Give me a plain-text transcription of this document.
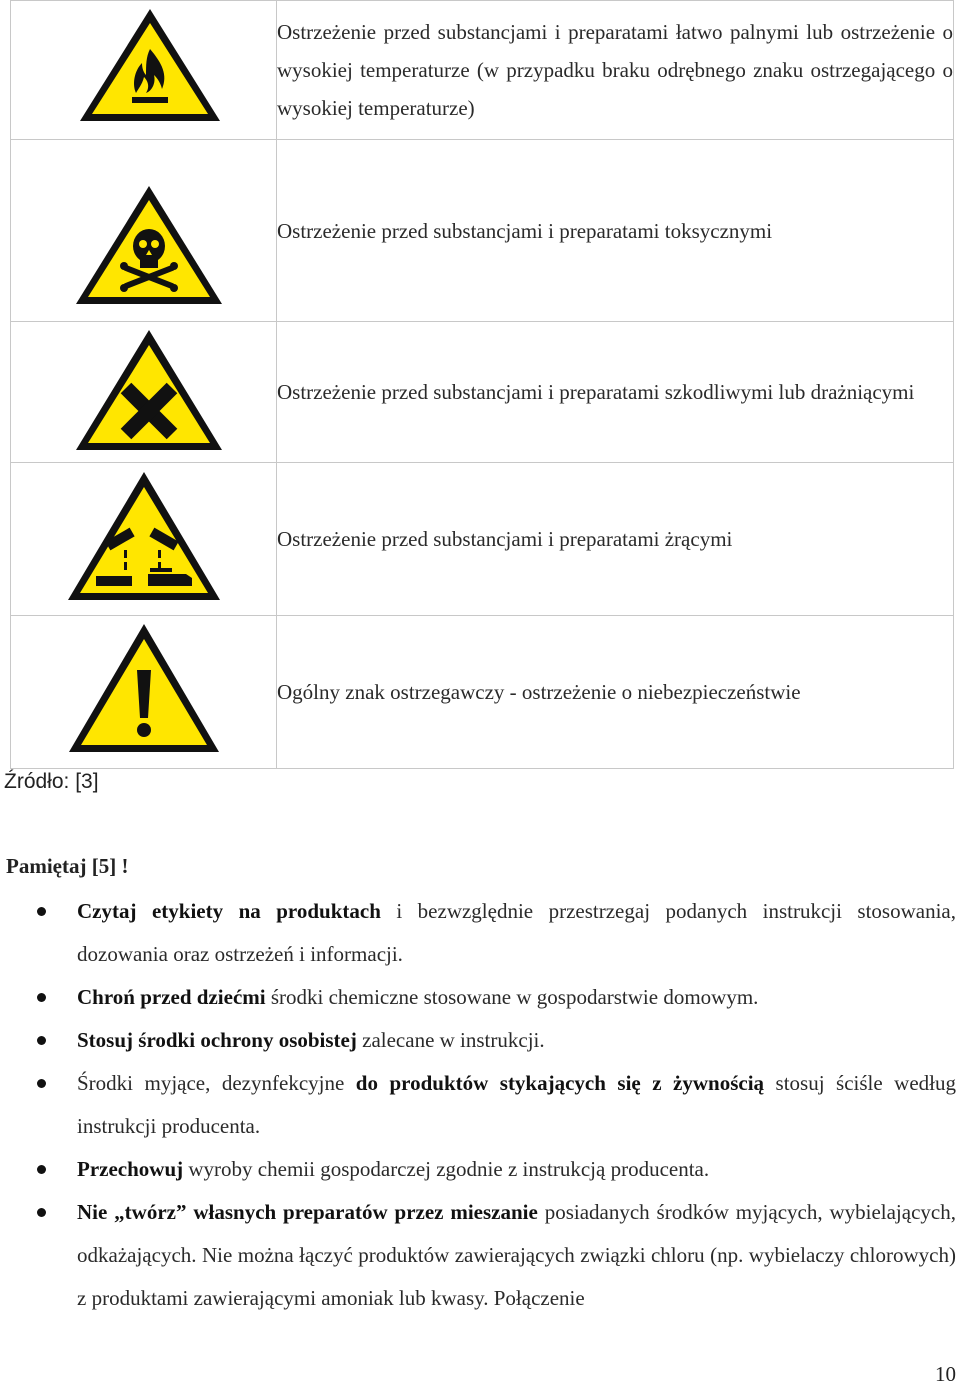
	Ostrzeżenie przed substancjami i preparatami łatwo palnymi lub ostrzeżenie o wysokiej temperaturze (w przypadku braku odrębnego znaku ostrzegającego o wysokiej temperaturze)

	Ostrzeżenie przed substancjami i preparatami toksycznymi

	Ostrzeżenie przed substancjami i preparatami szkodliwymi lub drażniącymi

	Ostrzeżenie przed substancjami i preparatami żrącymi

	Ogólny znak ostrzegawczy - ostrzeżenie o niebezpieczeństwie
Źródło: [3]
Pamiętaj [5] !
Czytaj etykiety na produktach i bezwzględnie przestrzegaj podanych instrukcji stosowania, dozowania oraz ostrzeżeń i informacji.
Chroń przed dziećmi środki chemiczne stosowane w gospodarstwie domowym.
Stosuj środki ochrony osobistej zalecane w instrukcji.
Środki myjące, dezynfekcyjne do produktów stykających się z żywnością stosuj ściśle według instrukcji producenta.
Przechowuj wyroby chemii gospodarczej zgodnie z instrukcją producenta.
Nie „twórz” własnych preparatów przez mieszanie posiadanych środków myjących, wybielających, odkażających. Nie można łączyć produktów zawierających związki chloru (np. wybielaczy chlorowych) z produktami zawierającymi amoniak lub kwasy. Połączenie
10
